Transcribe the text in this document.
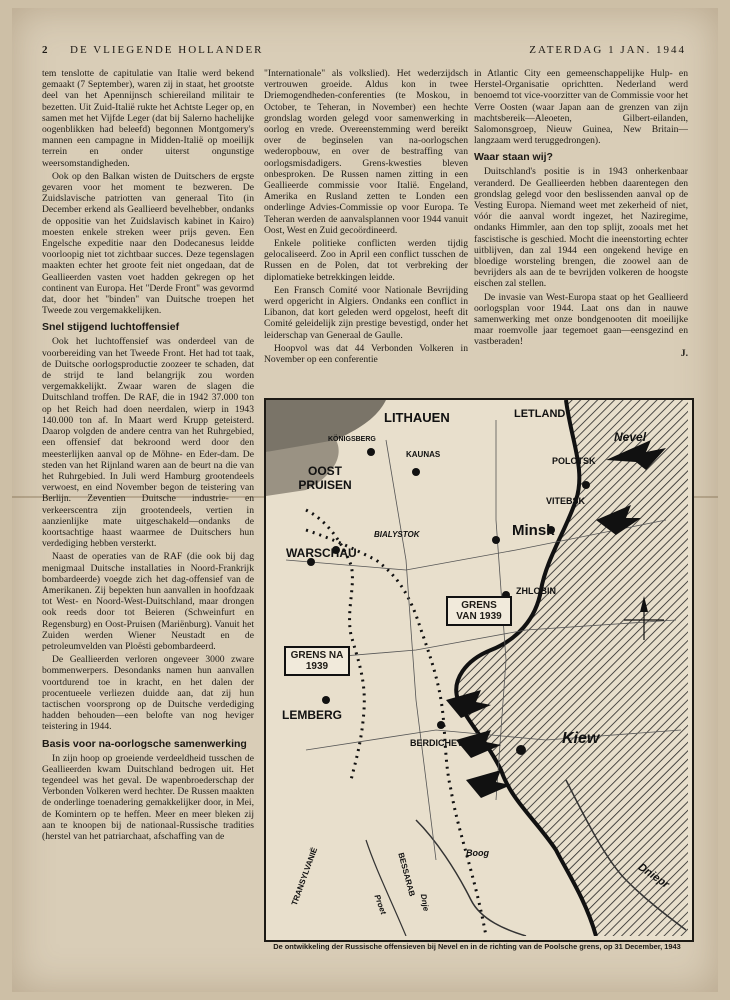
2 DE VLIEGENDE HOLLANDER	ZATERDAG 1 JAN. 1944

tem tenslotte de capitulatie van Italie werd bekend gemaakt (7 September), waren zij in staat, het grootste deel van het Apennijnsch schiereiland militair te bezetten. Uit Zuid-Italië rukte het Achtste Leger op, en samen met het Vijfde Leger (dat bij Salerno hachelijke oogenblikken had beleefd) begonnen Montgomery's mannen een campagne in Midden-Italië op moeilijk terrein en onder uiterst ongunstige weersomstandigheden.

Ook op den Balkan wisten de Duitschers de ergste gevaren voor het moment te bezweren. De Zuidslavische patriotten van generaal Tito (in December erkend als Geallieerd bevelhebber, ondanks de oppositie van het Zuidslavisch kabinet in Kairo) moesten enkele streken weer prijs geven. Een Engelsche expeditie naar den Dodecanesus leidde voorloopig niet tot zichtbaar succes. Deze tegenslagen maakten echter het groote feit niet ongedaan, dat de Geallieerden vasten voet hadden gekregen op het continent van Europa. Het "Derde Front" was gevormd dat, door het "binden" van Duitsche troepen het Tweede zou vergemakkelijken.

Snel stijgend luchtoffensief

Ook het luchtoffensief was onderdeel van de voorbereiding van het Tweede Front. Het had tot taak, de Duitsche oorlogsproductie zoozeer te schaden, dat de strijd te land belangrijk zou worden vergemakkelijkt. Zwaar waren de slagen die Duitschland troffen. De RAF, die in 1942 37.000 ton op het Reich had doen neerdalen, wierp in 1943 140.000 ton af. In Maart werd Krupp geteisterd. Daarop volgden de andere centra van het Ruhrgebied, een offensief dat bekroond werd door den meesterlijken aanval op de Möhne- en Eder-dam. De steden van het Rijnland waren aan de beurt na die van het Ruhrgebied. In Juli werd Hamburg grootendeels verwoest, en eind November begon de teistering van Berlijn. Zeventien Duitsche industrie- en verkeerscentra zijn grootendeels, vertien in aanzienlijke mate uitgeschakeld—ondanks de koortsachtige haast waarmee de Duitschers hun verdediging hebben versterkt.

Naast de operaties van de RAF (die ook bij dag menigmaal Duitsche installaties in Noord-Frankrijk bombardeerde) voegde zich het dag-offensief van de Amerikanen. Zij bepekten hun aanvallen in hoofdzaak tot West- en Noord-West-Duitschland, maar drongen ook reeds door tot Beieren (Schweinfurt en Regensburg) en Oost-Pruisen (Mariënburg). Vanuit het Zuiden werden Wiener Neustadt en de petroleumvelden van Ploësti gebombardeerd.

De Geallieerden verloren ongeveer 3000 zware bommenwerpers. Desondanks namen hun aanvallen voortdurend toe in kracht, en het dalen der procentueele verliezen duidde aan, dat zij hun tactischen voorsprong op de Duitsche verdediging hadden behouden—een belofte van nog heviger teistering in 1944.

Basis voor na-oorlogsche samenwerking

In zijn hoop op groeiende verdeeldheid tusschen de Geallieerden kwam Duitschland bedrogen uit. Het tegendeel was het geval. De wapenbroederschap der Verbonden Volkeren werd hechter. De Russen maakten de onderlinge toenadering gemakkelijker door, in Mei, de Komintern op te heffen. Meer en meer bleken zij aan te knoopen bij de nationaal-Russische tradities (herstel van het patriarchaat, afschaffing van de

"Internationale" als volkslied). Het wederzijdsch vertrouwen groeide. Aldus kon in twee Driemogendheden-conferenties (te Moskou, in October, te Teheran, in November) een hechte grondslag worden gelegd voor samenwerking in oorlog en vrede. Overeenstemming werd bereikt over de beginselen van na-oorlogschen wederopbouw, en over de bestraffing van oorlogsmisdadigers. Grens-kwesties bleven onbesproken. De Russen namen zitting in een Geallieerde commissie voor Italië. Engeland, Amerika en Rusland zetten te Londen een onderlinge Advies-Commissie op voor Europa. Te Teheran werden de aanvalsplannen voor 1944 vanuit Oost, West en Zuid gecoördineerd.

Enkele politieke conflicten werden tijdig gelocaliseerd. Zoo in April een conflict tusschen de Russen en de Polen, dat tot verbreking der diplomatieke betrekkingen leidde.

Een Fransch Comité voor Nationale Bevrijding werd opgericht in Algiers. Ondanks een conflict in Libanon, dat kort geleden werd opgelost, heeft dit Comité geleidelijk zijn prestige bevestigd, onder het leiderschap van Generaal de Gaulle.

Hoopvol was dat 44 Verbonden Volkeren in November op een conferentie

in Atlantic City een gemeenschappelijke Hulp- en Herstel-Organisatie oprichtten. Nederland werd benoemd tot vice-voorzitter van de Commissie voor het Verre Oosten (waar Japan aan de grenzen van zijn machtsbereik—Aleoeten, Gilbert-eilanden, Salomonsgroep, Nieuw Guinea, New Britain—langzaam werd teruggedrongen).

Waar staan wij?

Duitschland's positie is in 1943 onherkenbaar veranderd. De Geallieerden hebben daarentegen den grondslag gelegd voor den beslissenden aanval op de Vesting Europa. Niemand weet met zekerheid of niet, vóór die aanval wordt ingezet, het Naziregime, ondanks Himmler, aan den top splijt, zooals met het fascistische is geschied. Mocht die ineenstorting echter uitblijven, dan zal 1944 een ongekend hevige en bloedige worsteling brengen, die zoowel aan de bevrijders als aan de te bevrijden volkeren de hoogste eischen zal stellen.

De invasie van West-Europa staat op het Geallieerd oorlogsplan voor 1944. Laat ons dan in nauwe samenwerking met onze bondgenooten dit moeilijke maar roemvolle jaar tegemoet gaan—eensgezind en vastberaden!

J.
LITHAUEN	LETLAND
KÖNIGSBERG
KAUNAS
OOST PRUISEN
Nevel
POLOTSK
VITEBSK
Minsk
BIALYSTOK
WARSCHAU
ZHLOBIN
GRENS VAN 1939
GRENS NA 1939
LEMBERG
BERDICHEV	Kiew
Boog
Dniepr
TRANSYLVANIË	BESSARAB
Proet	Dnje
De ontwikkeling der Russische offensieven bij Nevel en in de richting van de Poolsche grens, op 31 December, 1943
